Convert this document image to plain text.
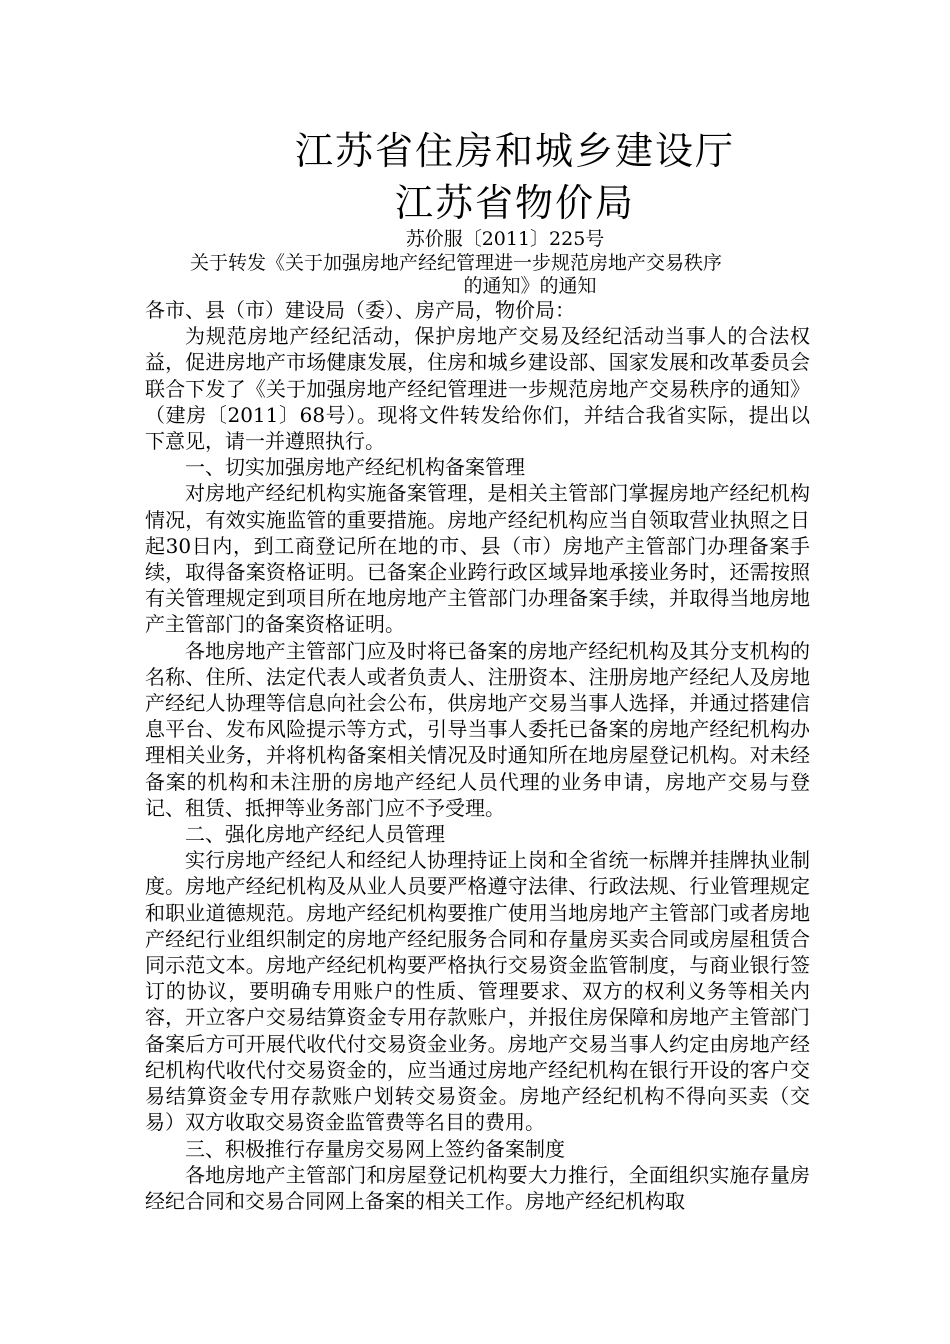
江苏省住房和城乡建设厅
江苏省物价局
苏价服〔2011〕225号
关于转发《关于加强房地产经纪管理进一步规范房地产交易秩序
的通知》的通知

各市、县（市）建设局（委）、房产局，物价局：

为规范房地产经纪活动，保护房地产交易及经纪活动当事人的合法权益，促进房地产市场健康发展，住房和城乡建设部、国家发展和改革委员会联合下发了《关于加强房地产经纪管理进一步规范房地产交易秩序的通知》（建房〔2011〕68号）。现将文件转发给你们，并结合我省实际，提出以下意见，请一并遵照执行。

一、切实加强房地产经纪机构备案管理

对房地产经纪机构实施备案管理，是相关主管部门掌握房地产经纪机构情况，有效实施监管的重要措施。房地产经纪机构应当自领取营业执照之日起30日内，到工商登记所在地的市、县（市）房地产主管部门办理备案手续，取得备案资格证明。已备案企业跨行政区域异地承接业务时，还需按照有关管理规定到项目所在地房地产主管部门办理备案手续，并取得当地房地产主管部门的备案资格证明。

各地房地产主管部门应及时将已备案的房地产经纪机构及其分支机构的名称、住所、法定代表人或者负责人、注册资本、注册房地产经纪人及房地产经纪人协理等信息向社会公布，供房地产交易当事人选择，并通过搭建信息平台、发布风险提示等方式，引导当事人委托已备案的房地产经纪机构办理相关业务，并将机构备案相关情况及时通知所在地房屋登记机构。对未经备案的机构和未注册的房地产经纪人员代理的业务申请，房地产交易与登记、租赁、抵押等业务部门应不予受理。

二、强化房地产经纪人员管理

实行房地产经纪人和经纪人协理持证上岗和全省统一标牌并挂牌执业制度。房地产经纪机构及从业人员要严格遵守法律、行政法规、行业管理规定和职业道德规范。房地产经纪机构要推广使用当地房地产主管部门或者房地产经纪行业组织制定的房地产经纪服务合同和存量房买卖合同或房屋租赁合同示范文本。房地产经纪机构要严格执行交易资金监管制度，与商业银行签订的协议，要明确专用账户的性质、管理要求、双方的权利义务等相关内容，开立客户交易结算资金专用存款账户，并报住房保障和房地产主管部门备案后方可开展代收代付交易资金业务。房地产交易当事人约定由房地产经纪机构代收代付交易资金的，应当通过房地产经纪机构在银行开设的客户交易结算资金专用存款账户划转交易资金。房地产经纪机构不得向买卖（交易）双方收取交易资金监管费等名目的费用。

三、积极推行存量房交易网上签约备案制度

各地房地产主管部门和房屋登记机构要大力推行，全面组织实施存量房经纪合同和交易合同网上备案的相关工作。房地产经纪机构取
